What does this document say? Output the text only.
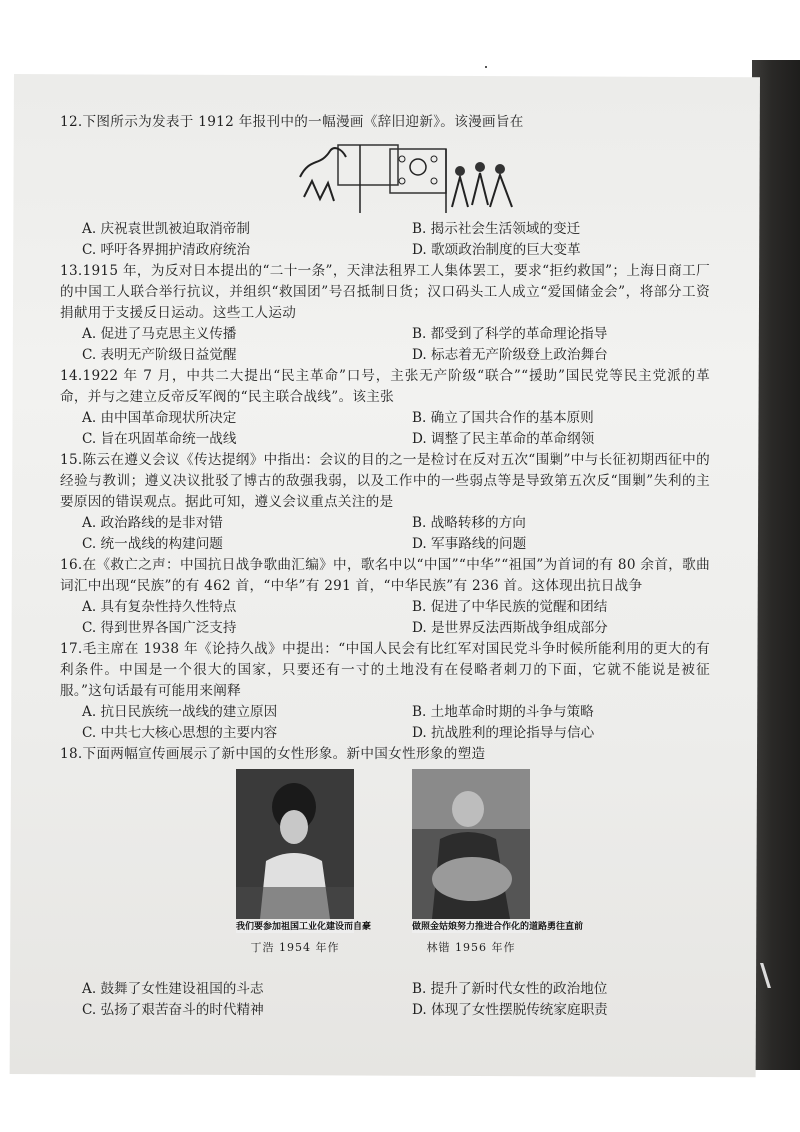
\

12.下图所示为发表于 1912 年报刊中的一幅漫画《辞旧迎新》。该漫画旨在

A. 庆祝袁世凯被迫取消帝制	B. 揭示社会生活领域的变迁
C. 呼吁各界拥护清政府统治	D. 歌颂政治制度的巨大变革

13.1915 年，为反对日本提出的“二十一条”，天津法租界工人集体罢工，要求“拒约救国”；上海日商工厂的中国工人联合举行抗议，并组织“救国团”号召抵制日货；汉口码头工人成立“爱国储金会”，将部分工资捐献用于支援反日运动。这些工人运动

A. 促进了马克思主义传播	B. 都受到了科学的革命理论指导
C. 表明无产阶级日益觉醒	D. 标志着无产阶级登上政治舞台

14.1922 年 7 月，中共二大提出“民主革命”口号，主张无产阶级“联合”“援助”国民党等民主党派的革命，并与之建立反帝反军阀的“民主联合战线”。该主张

A. 由中国革命现状所决定	B. 确立了国共合作的基本原则
C. 旨在巩固革命统一战线	D. 调整了民主革命的革命纲领

15.陈云在遵义会议《传达提纲》中指出：会议的目的之一是检讨在反对五次“围剿”中与长征初期西征中的经验与教训；遵义决议批驳了博古的敌强我弱，以及工作中的一些弱点等是导致第五次反“围剿”失利的主要原因的错误观点。据此可知，遵义会议重点关注的是

A. 政治路线的是非对错	B. 战略转移的方向
C. 统一战线的构建问题	D. 军事路线的问题

16.在《救亡之声：中国抗日战争歌曲汇编》中，歌名中以“中国”“中华”“祖国”为首词的有 80 余首，歌曲词汇中出现“民族”的有 462 首，“中华”有 291 首，“中华民族”有 236 首。这体现出抗日战争

A. 具有复杂性持久性特点	B. 促进了中华民族的觉醒和团结
C. 得到世界各国广泛支持	D. 是世界反法西斯战争组成部分

17.毛主席在 1938 年《论持久战》中提出：“中国人民会有比红军对国民党斗争时候所能利用的更大的有利条件。中国是一个很大的国家，只要还有一寸的土地没有在侵略者刺刀的下面，它就不能说是被征服。”这句话最有可能用来阐释

A. 抗日民族统一战线的建立原因	B. 土地革命时期的斗争与策略
C. 中共七大核心思想的主要内容	D. 抗战胜利的理论指导与信心

18.下面两幅宣传画展示了新中国的女性形象。新中国女性形象的塑造

我们要参加祖国工业化建设而自豪
丁浩 1954 年作
做照金姑娘努力推进合作化的道路勇往直前
林锴 1956 年作
A. 鼓舞了女性建设祖国的斗志	B. 提升了新时代女性的政治地位
C. 弘扬了艰苦奋斗的时代精神	D. 体现了女性摆脱传统家庭职责
